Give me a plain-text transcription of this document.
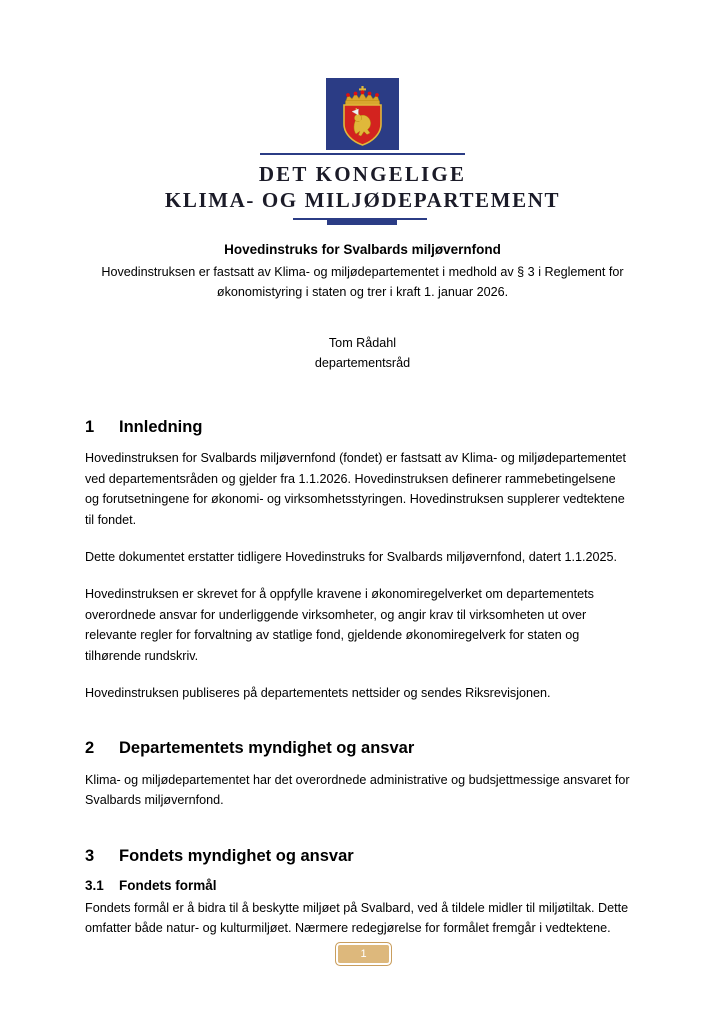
DET KONGELIGE
KLIMA- OG MILJØDEPARTEMENT
Hovedinstruks for Svalbards miljøvernfond
Hovedinstruksen er fastsatt av Klima- og miljødepartementet i medhold av § 3 i Reglement for økonomistyring i staten og trer i kraft 1. januar 2026.
Tom Rådahl
departementsråd
1	Innledning

Hovedinstruksen for Svalbards miljøvernfond (fondet) er fastsatt av Klima- og miljødepartementet ved departementsråden og gjelder fra 1.1.2026. Hovedinstruksen definerer rammebetingelsene og forutsetningene for økonomi- og virksomhetsstyringen. Hovedinstruksen supplerer vedtektene til fondet.

Dette dokumentet erstatter tidligere Hovedinstruks for Svalbards miljøvernfond, datert 1.1.2025.

Hovedinstruksen er skrevet for å oppfylle kravene i økonomiregelverket om departementets overordnede ansvar for underliggende virksomheter, og angir krav til virksomheten ut over relevante regler for forvaltning av statlige fond, gjeldende økonomiregelverk for staten og tilhørende rundskriv.

Hovedinstruksen publiseres på departementets nettsider og sendes Riksrevisjonen.

2	Departementets myndighet og ansvar

Klima- og miljødepartementet har det overordnede administrative og budsjettmessige ansvaret for Svalbards miljøvernfond.

3	Fondets myndighet og ansvar
3.1	Fondets formål

Fondets formål er å bidra til å beskytte miljøet på Svalbard, ved å tildele midler til miljøtiltak. Dette omfatter både natur- og kulturmiljøet. Nærmere redegjørelse for formålet fremgår i vedtektene.

1
